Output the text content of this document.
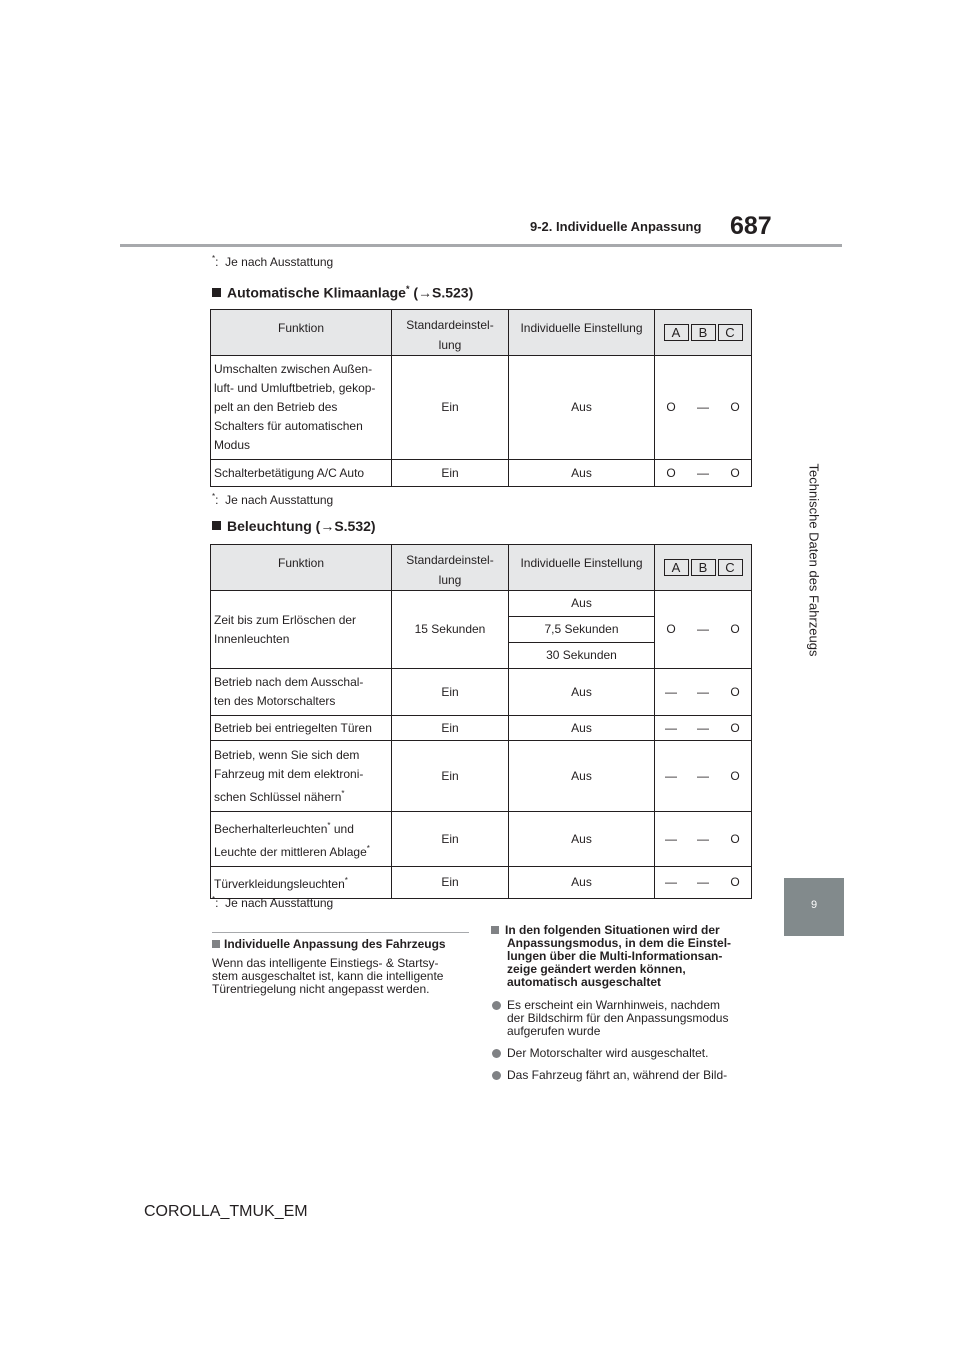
9-2. Individuelle Anpassung 687
Technische Daten des Fahrzeugs
9
*: Je nach Ausstattung
Automatische Klimaanlage* (→S.523)
Funktion	Standardeinstel-
lung	Individuelle Einstellung	A B C

Umschalten zwischen Außen-
luft- und Umluftbetrieb, gekop-
pelt an den Betrieb des
Schalters für automatischen
Modus	Ein	Aus	O — O

Schalterbetätigung A/C Auto	Ein	Aus	O — O
*: Je nach Ausstattung
Beleuchtung (→S.532)
Funktion	Standardeinstel-
lung	Individuelle Einstellung	A B C

Zeit bis zum Erlöschen der
Innenleuchten	15 Sekunden	Aus	O — O

		7,5 Sekunden	
		30 Sekunden	
Betrieb nach dem Ausschal-
ten des Motorschalters	Ein	Aus	— — O

Betrieb bei entriegelten Türen	Ein	Aus	— — O

Betrieb, wenn Sie sich dem
Fahrzeug mit dem elektroni-
schen Schlüssel nähern*	Ein	Aus	— — O

Becherhalterleuchten* und
Leuchte der mittleren Ablage*	Ein	Aus	— — O

Türverkleidungsleuchten*	Ein	Aus	— — O
*: Je nach Ausstattung
Individuelle Anpassung des Fahrzeugs
Wenn das intelligente Einstiegs- & Startsy-
stem ausgeschaltet ist, kann die intelligente
Türentriegelung nicht angepasst werden.
In den folgenden Situationen wird der
Anpassungsmodus, in dem die Einstel-
lungen über die Multi-Informationsan-
zeige geändert werden können,
automatisch ausgeschaltet
Es erscheint ein Warnhinweis, nachdem
der Bildschirm für den Anpassungsmodus
aufgerufen wurde
Der Motorschalter wird ausgeschaltet.
Das Fahrzeug fährt an, während der Bild-
COROLLA_TMUK_EM
